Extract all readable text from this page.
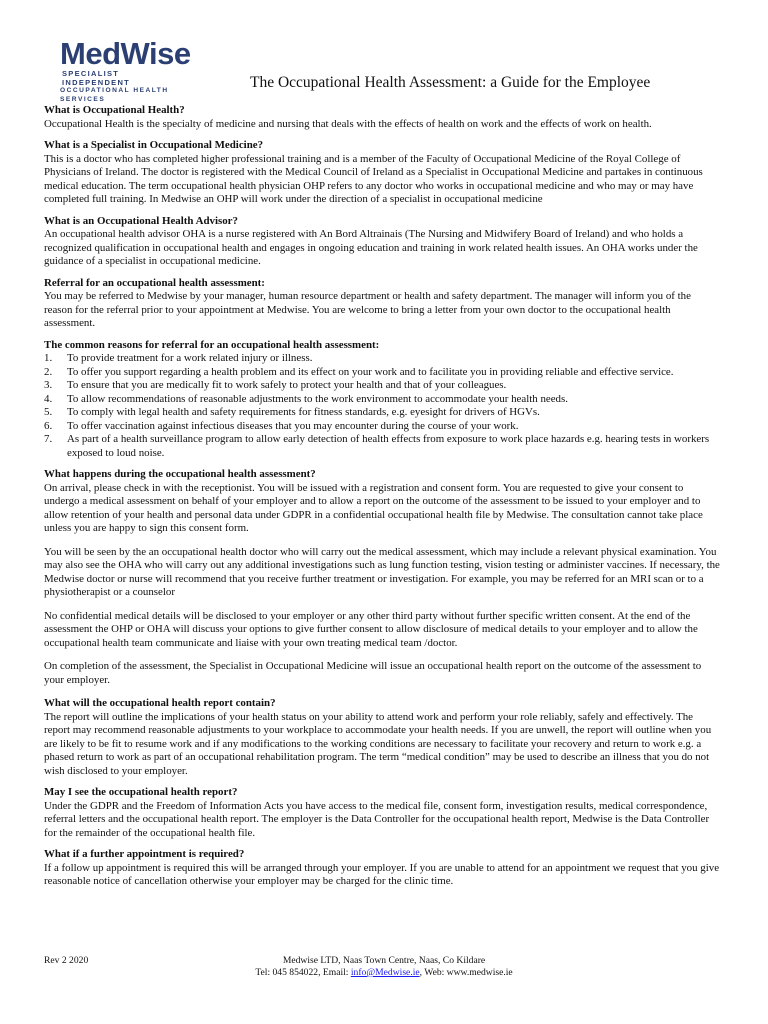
MedWise
SPECIALIST INDEPENDENT
OCCUPATIONAL HEALTH SERVICES
The Occupational Health Assessment: a Guide for the Employee
What is Occupational Health?

Occupational Health is the specialty of medicine and nursing that deals with the effects of health on work and the effects of work on health.

What is a Specialist in Occupational Medicine?

This is a doctor who has completed higher professional training and is a member of the Faculty of Occupational Medicine of the Royal College of Physicians of Ireland. The doctor is registered with the Medical Council of Ireland as a Specialist in Occupational Medicine and partakes in continuous medical education. The term occupational health physician OHP refers to any doctor who works in occupational medicine and who may or may have completed full training. In Medwise an OHP will work under the direction of a specialist in occupational medicine

What is an Occupational Health Advisor?

An occupational health advisor OHA is a nurse registered with An Bord Altrainais (The Nursing and Midwifery Board of Ireland) and who holds a recognized qualification in occupational health and engages in ongoing education and training in work related health issues. An OHA works under the guidance of a specialist in occupational medicine.

Referral for an occupational health assessment:

You may be referred to Medwise by your manager, human resource department or health and safety department. The manager will inform you of the reason for the referral prior to your appointment at Medwise. You are welcome to bring a letter from your own doctor to the occupational health assessment.

The common reasons for referral for an occupational health assessment:
1.	To provide treatment for a work related injury or illness.
2.	To offer you support regarding a health problem and its effect on your work and to facilitate you in providing reliable and effective service.
3.	To ensure that you are medically fit to work safely to protect your health and that of your colleagues.
4.	To allow recommendations of reasonable adjustments to the work environment to accommodate your health needs.
5.	To comply with legal health and safety requirements for fitness standards, e.g. eyesight for drivers of HGVs.
6.	To offer vaccination against infectious diseases that you may encounter during the course of your work.
7.	As part of a health surveillance program to allow early detection of health effects from exposure to work place hazards e.g. hearing tests in workers exposed to loud noise.
What happens during the occupational health assessment?

On arrival, please check in with the receptionist. You will be issued with a registration and consent form. You are requested to give your consent to undergo a medical assessment on behalf of your employer and to allow a report on the outcome of the assessment to be issued to your employer and to allow retention of your health and personal data under GDPR in a confidential occupational health file by Medwise. The consultation cannot take place unless you are happy to sign this consent form.

You will be seen by the an occupational health doctor who will carry out the medical assessment, which may include a relevant physical examination. You may also see the OHA who will carry out any additional investigations such as lung function testing, vision testing or administer vaccines. If necessary, the Medwise doctor or nurse will recommend that you receive further treatment or investigation. For example, you may be referred for an MRI scan or to a physiotherapist or a counselor

No confidential medical details will be disclosed to your employer or any other third party without further specific written consent. At the end of the assessment the OHP or OHA will discuss your options to give further consent to allow disclosure of medical details to your employer and to allow the occupational health team communicate and liaise with your own treating medical team /doctor.

On completion of the assessment, the Specialist in Occupational Medicine will issue an occupational health report on the outcome of the assessment to your employer.

What will the occupational health report contain?

The report will outline the implications of your health status on your ability to attend work and perform your role reliably, safely and effectively. The report may recommend reasonable adjustments to your workplace to accommodate your health needs. If you are unwell, the report will outline when you are likely to be fit to resume work and if any modifications to the working conditions are necessary to facilitate your recovery and return to work e.g. a phased return to work as part of an occupational rehabilitation program. The term “medical condition” may be used to describe an illness that you do not wish disclosed to your employer.

May I see the occupational health report?

Under the GDPR and the Freedom of Information Acts you have access to the medical file, consent form, investigation results, medical correspondence, referral letters and the occupational health report. The employer is the Data Controller for the occupational health report, Medwise is the Data Controller for the remainder of the occupational health file.

What if a further appointment is required?

If a follow up appointment is required this will be arranged through your employer. If you are unable to attend for an appointment we request that you give reasonable notice of cancellation otherwise your employer may be charged for the clinic time.

Rev 2 2020	Medwise LTD, Naas Town Centre, Naas, Co Kildare
Tel: 045 854022, Email: info@Medwise.ie, Web: www.medwise.ie
